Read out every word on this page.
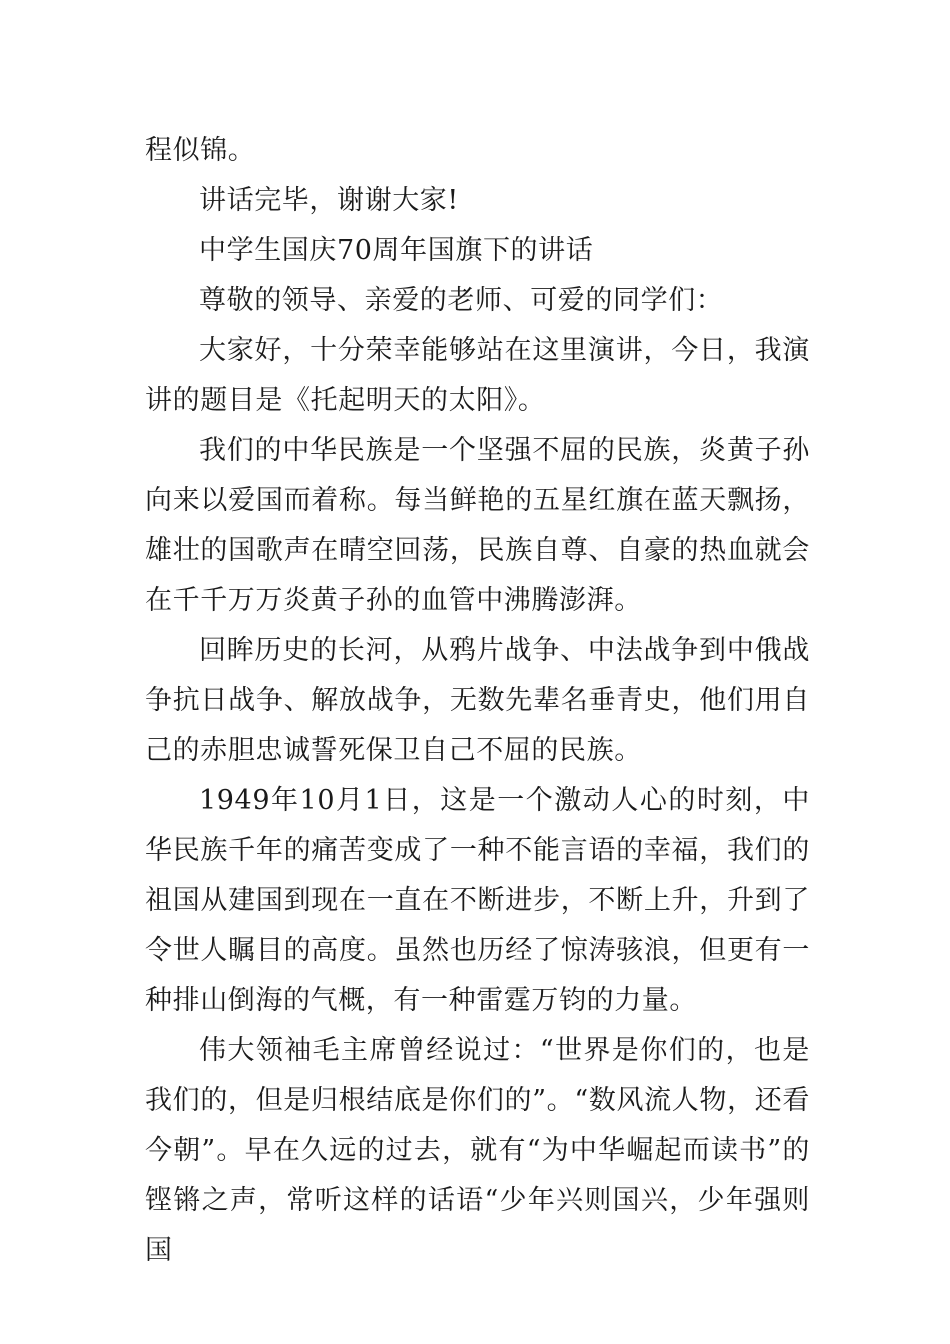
程似锦。

讲话完毕，谢谢大家!

中学生国庆70周年国旗下的讲话

尊敬的领导、亲爱的老师、可爱的同学们：

大家好，十分荣幸能够站在这里演讲，今日，我演讲的题目是《托起明天的太阳》。

我们的中华民族是一个坚强不屈的民族，炎黄子孙向来以爱国而着称。每当鲜艳的五星红旗在蓝天飘扬，雄壮的国歌声在晴空回荡，民族自尊、自豪的热血就会在千千万万炎黄子孙的血管中沸腾澎湃。

回眸历史的长河，从鸦片战争、中法战争到中俄战争抗日战争、解放战争，无数先辈名垂青史，他们用自己的赤胆忠诚誓死保卫自己不屈的民族。

1949年10月1日，这是一个激动人心的时刻，中华民族千年的痛苦变成了一种不能言语的幸福，我们的祖国从建国到现在一直在不断进步，不断上升，升到了令世人瞩目的高度。虽然也历经了惊涛骇浪，但更有一种排山倒海的气概，有一种雷霆万钧的力量。

伟大领袖毛主席曾经说过：“世界是你们的，也是我们的，但是归根结底是你们的”。“数风流人物，还看今朝”。早在久远的过去，就有“为中华崛起而读书”的铿锵之声，常听这样的话语“少年兴则国兴，少年强则国
